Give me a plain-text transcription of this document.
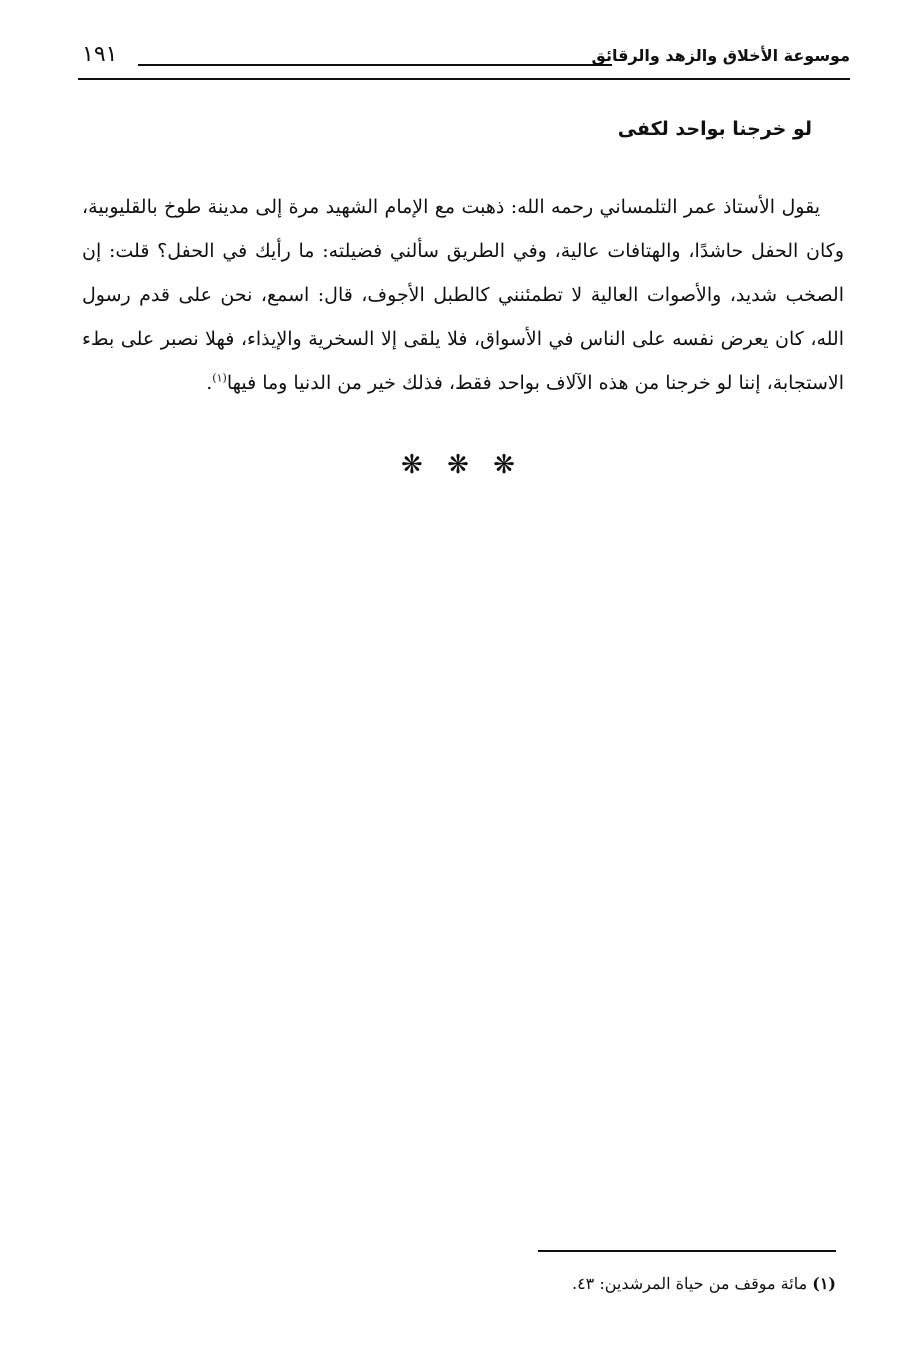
موسوعة الأخلاق والزهد والرقائق
١٩١
لو خرجنا بواحد لكفى

يقول الأستاذ عمر التلمساني رحمه الله: ذهبت مع الإمام الشهيد مرة إلى مدينة طوخ بالقليوبية، وكان الحفل حاشدًا، والهتافات عالية، وفي الطريق سألني فضيلته: ما رأيك في الحفل؟ قلت: إن الصخب شديد، والأصوات العالية لا تطمئنني كالطبل الأجوف، قال: اسمع، نحن على قدم رسول الله، كان يعرض نفسه على الناس في الأسواق، فلا يلقى إلا السخرية والإيذاء، فهلا نصبر على بطء الاستجابة، إننا لو خرجنا من هذه الآلاف بواحد فقط، فذلك خير من الدنيا وما فيها$^{(١)}$.

❋ ❋ ❋
(١) مائة موقف من حياة المرشدين: ٤٣.
